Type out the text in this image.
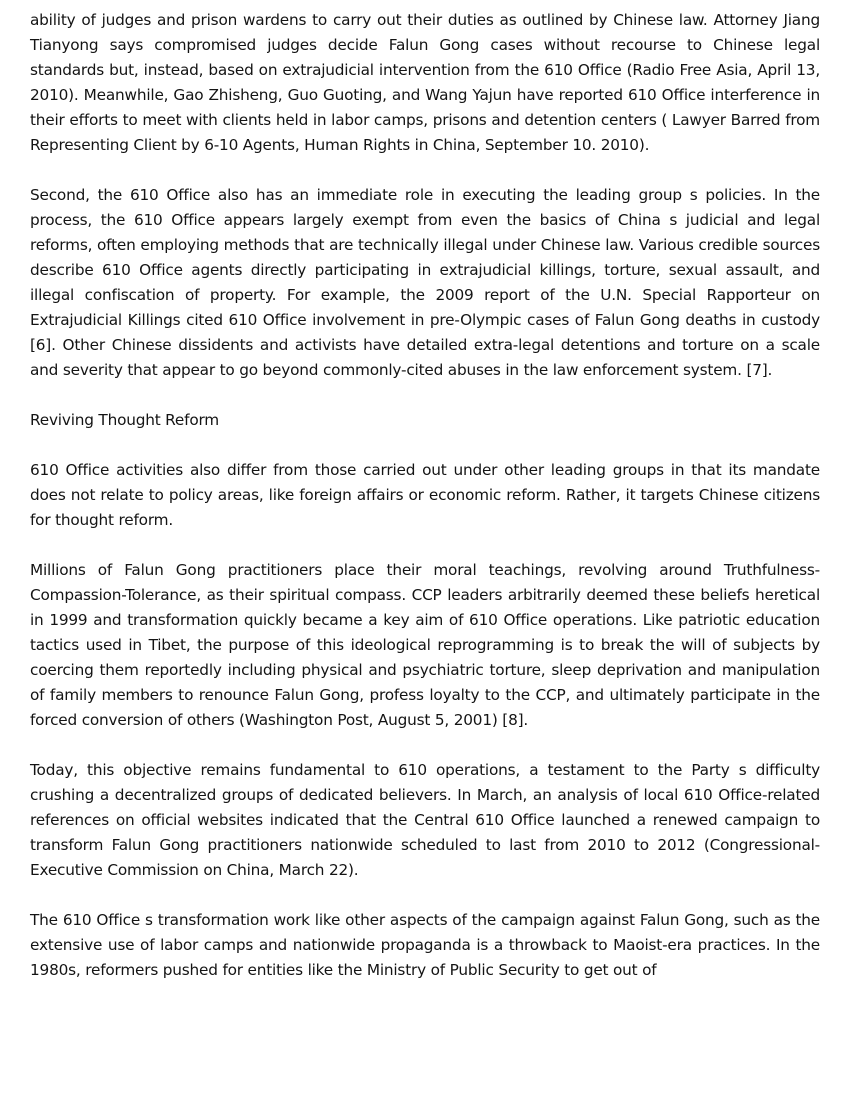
ability of judges and prison wardens to carry out their duties as outlined by Chinese law. Attorney Jiang Tianyong says compromised judges decide Falun Gong cases without recourse to Chinese legal standards but, instead, based on extrajudicial intervention from the 610 Office (Radio Free Asia, April 13, 2010). Meanwhile, Gao Zhisheng, Guo Guoting, and Wang Yajun have reported 610 Office interference in their efforts to meet with clients held in labor camps, prisons and detention centers ( Lawyer Barred from Representing Client by 6-10 Agents, Human Rights in China, September 10. 2010).

Second, the 610 Office also has an immediate role in executing the leading group s policies. In the process, the 610 Office appears largely exempt from even the basics of China s judicial and legal reforms, often employing methods that are technically illegal under Chinese law. Various credible sources describe 610 Office agents directly participating in extrajudicial killings, torture, sexual assault, and illegal confiscation of property. For example, the 2009 report of the U.N. Special Rapporteur on Extrajudicial Killings cited 610 Office involvement in pre-Olympic cases of Falun Gong deaths in custody [6]. Other Chinese dissidents and activists have detailed extra-legal detentions and torture on a scale and severity that appear to go beyond commonly-cited abuses in the law enforcement system. [7].

Reviving Thought Reform

610 Office activities also differ from those carried out under other leading groups in that its mandate does not relate to policy areas, like foreign affairs or economic reform. Rather, it targets Chinese citizens for thought reform.

Millions of Falun Gong practitioners place their moral teachings, revolving around Truthfulness-Compassion-Tolerance, as their spiritual compass. CCP leaders arbitrarily deemed these beliefs heretical in 1999 and transformation quickly became a key aim of 610 Office operations. Like patriotic education tactics used in Tibet, the purpose of this ideological reprogramming is to break the will of subjects by coercing them reportedly including physical and psychiatric torture, sleep deprivation and manipulation of family members to renounce Falun Gong, profess loyalty to the CCP, and ultimately participate in the forced conversion of others (Washington Post, August 5, 2001) [8].

Today, this objective remains fundamental to 610 operations, a testament to the Party s difficulty crushing a decentralized groups of dedicated believers. In March, an analysis of local 610 Office-related references on official websites indicated that the Central 610 Office launched a renewed campaign to transform Falun Gong practitioners nationwide scheduled to last from 2010 to 2012 (Congressional-Executive Commission on China, March 22).

The 610 Office s transformation work like other aspects of the campaign against Falun Gong, such as the extensive use of labor camps and nationwide propaganda is a throwback to Maoist-era practices. In the 1980s, reformers pushed for entities like the Ministry of Public Security to get out of
